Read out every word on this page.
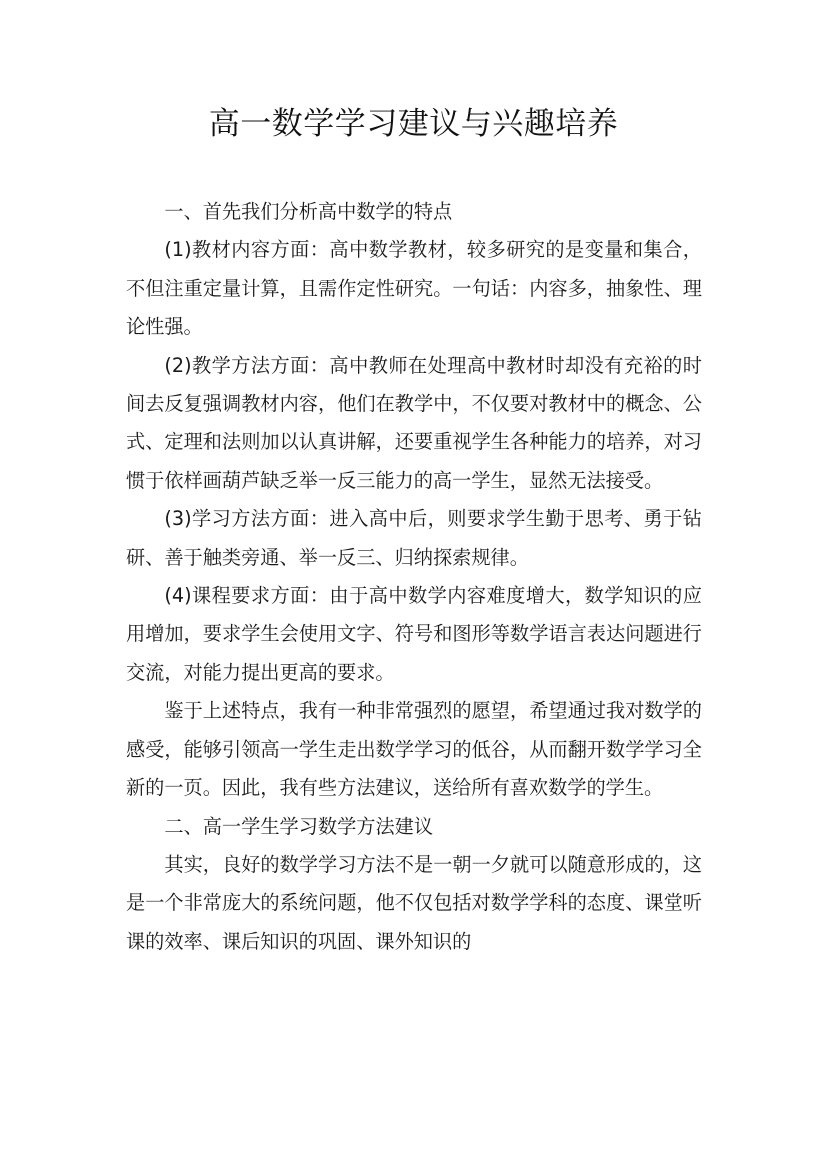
高一数学学习建议与兴趣培养

一、首先我们分析高中数学的特点

(1)教材内容方面：高中数学教材，较多研究的是变量和集合，不但注重定量计算，且需作定性研究。一句话：内容多，抽象性、理论性强。

(2)教学方法方面：高中教师在处理高中教材时却没有充裕的时间去反复强调教材内容，他们在教学中，不仅要对教材中的概念、公式、定理和法则加以认真讲解，还要重视学生各种能力的培养，对习惯于依样画葫芦缺乏举一反三能力的高一学生，显然无法接受。

(3)学习方法方面：进入高中后，则要求学生勤于思考、勇于钻研、善于触类旁通、举一反三、归纳探索规律。

(4)课程要求方面：由于高中数学内容难度增大，数学知识的应用增加，要求学生会使用文字、符号和图形等数学语言表达问题进行交流，对能力提出更高的要求。

鉴于上述特点，我有一种非常强烈的愿望，希望通过我对数学的感受，能够引领高一学生走出数学学习的低谷，从而翻开数学学习全新的一页。因此，我有些方法建议，送给所有喜欢数学的学生。

二、高一学生学习数学方法建议

其实，良好的数学学习方法不是一朝一夕就可以随意形成的，这是一个非常庞大的系统问题，他不仅包括对数学学科的态度、课堂听课的效率、课后知识的巩固、课外知识的
